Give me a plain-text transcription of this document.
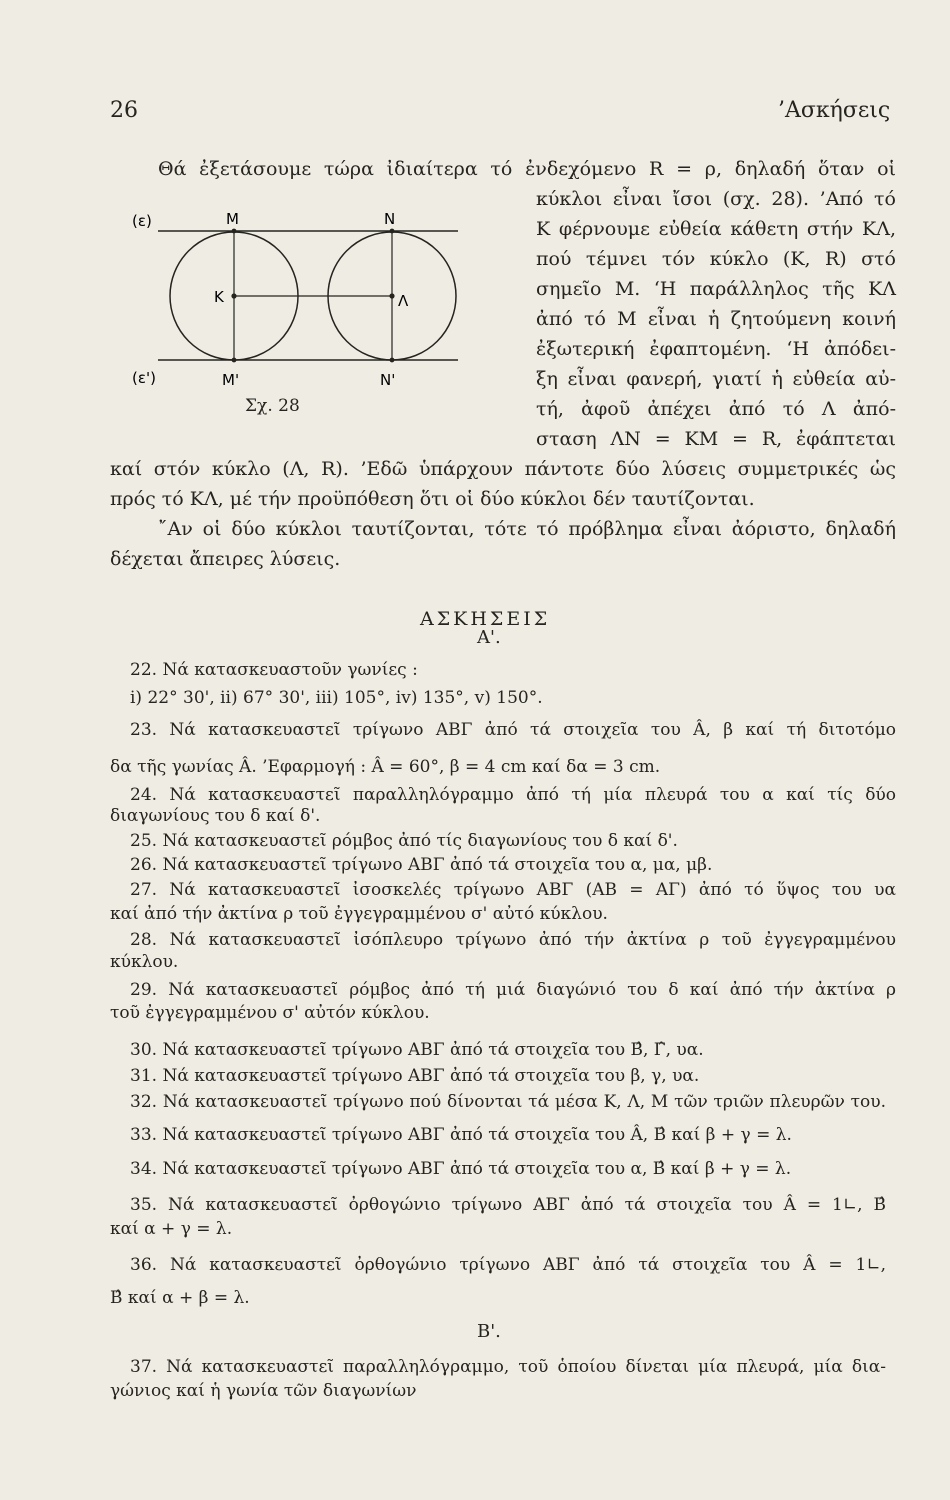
26	’Ασκήσεις
Θά ἐξετάσουμε τώρα ἰδιαίτερα τό ἐνδεχόμενο R = ρ, δηλαδή ὅταν οἱ
κύκλοι εἶναι ἴσοι (σχ. 28). ’Από τό
Κ φέρνουμε εὐθεία κάθετη στήν ΚΛ,
πού τέμνει τόν κύκλο (Κ, R) στό
σημεῖο Μ. ‘Η παράλληλος τῆς ΚΛ
ἀπό τό Μ εἶναι ἡ ζητούμενη κοινή
ἐξωτερική ἐφαπτομένη. ‘Η ἀπόδει-
ξη εἶναι φανερή, γιατί ἡ εὐθεία αὐ-
τή, ἀφοῦ ἀπέχει ἀπό τό Λ ἀπό-
σταση ΛΝ = ΚΜ = R, ἐφάπτεται
καί στόν κύκλο (Λ, R). ’Εδῶ ὑπάρχουν πάντοτε δύο λύσεις συμμετρικές ὡς
πρός τό ΚΛ, μέ τήν προϋπόθεση ὅτι οἱ δύο κύκλοι δέν ταυτίζονται.
῎Αν οἱ δύο κύκλοι ταυτίζονται, τότε τό πρόβλημα εἶναι ἀόριστο, δηλαδή
δέχεται ἄπειρες λύσεις.
(ε)	Μ	Ν
Κ	Λ
(ε')	Μ'	Ν'
Σχ. 28
ΑΣΚΗΣΕΙΣ
Α'.
22. Νά κατασκευαστοῦν γωνίες :
i) 22° 30', ii) 67° 30', iii) 105°, iv) 135°, v) 150°.
23. Νά κατασκευαστεῖ τρίγωνο ΑΒΓ ἀπό τά στοιχεῖα του Â, β καί τή διτοτόμο
δα τῆς γωνίας Â. ’Εφαρμογή : Â = 60°, β = 4 cm καί δα = 3 cm.
24. Νά κατασκευαστεῖ παραλληλόγραμμο ἀπό τή μία πλευρά του α καί τίς δύο
διαγωνίους του δ καί δ'.
25. Νά κατασκευαστεῖ ρόμβος ἀπό τίς διαγωνίους του δ καί δ'.
26. Νά κατασκευαστεῖ τρίγωνο ΑΒΓ ἀπό τά στοιχεῖα του α, μα, μβ.
27. Νά κατασκευαστεῖ ἰσοσκελές τρίγωνο ΑΒΓ (ΑΒ = ΑΓ) ἀπό τό ὕψος του υα
καί ἀπό τήν ἀκτίνα ρ τοῦ ἐγγεγραμμένου σ' αὐτό κύκλου.
28. Νά κατασκευαστεῖ ἰσόπλευρο τρίγωνο ἀπό τήν ἀκτίνα ρ τοῦ ἐγγεγραμμένου
κύκλου.
29. Νά κατασκευαστεῖ ρόμβος ἀπό τή μιά διαγώνιό του δ καί ἀπό τήν ἀκτίνα ρ
τοῦ ἐγγεγραμμένου σ' αὐτόν κύκλου.
30. Νά κατασκευαστεῖ τρίγωνο ΑΒΓ ἀπό τά στοιχεῖα του Β̂, Γ̂, υα.
31. Νά κατασκευαστεῖ τρίγωνο ΑΒΓ ἀπό τά στοιχεῖα του β, γ, υα.
32. Νά κατασκευαστεῖ τρίγωνο πού δίνονται τά μέσα Κ, Λ, Μ τῶν τριῶν πλευρῶν του.
33. Νά κατασκευαστεῖ τρίγωνο ΑΒΓ ἀπό τά στοιχεῖα του Â, Β̂ καί β + γ = λ.
34. Νά κατασκευαστεῖ τρίγωνο ΑΒΓ ἀπό τά στοιχεῖα του α, Β̂ καί β + γ = λ.
35. Νά κατασκευαστεῖ ὀρθογώνιο τρίγωνο ΑΒΓ ἀπό τά στοιχεῖα του Â = 1∟, Β̂
καί α + γ = λ.
36. Νά κατασκευαστεῖ ὀρθογώνιο τρίγωνο ΑΒΓ ἀπό τά στοιχεῖα του Â = 1∟,
Β̂ καί α + β = λ.
Β'.
37. Νά κατασκευαστεῖ παραλληλόγραμμο, τοῦ ὁποίου δίνεται μία πλευρά, μία δια-
γώνιος καί ἡ γωνία τῶν διαγωνίων
